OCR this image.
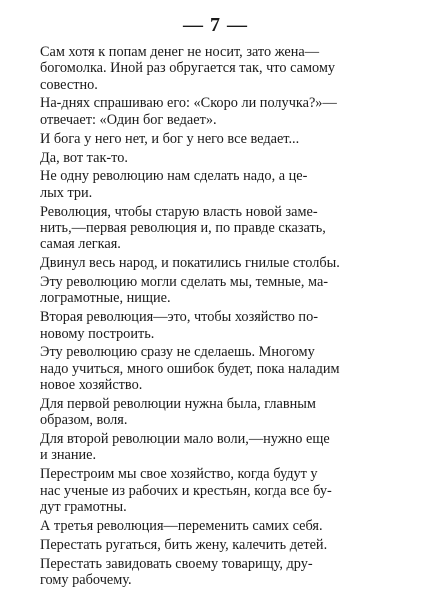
— 7 —
Сам хотя к попам денег не носит, зато жена—
богомолка. Иной раз обругается так, что самому
совестно.
На-днях спрашиваю его: «Скоро ли получка?»—
отвечает: «Один бог ведает».
И бога у него нет, и бог у него все ведает...
Да, вот так-то.
Не одну революцию нам сделать надо, а це-
лых три.
Революция, чтобы старую власть новой заме-
нить,—первая революция и, по правде сказать,
самая легкая.
Двинул весь народ, и покатились гнилые столбы.
Эту революцию могли сделать мы, темные, ма-
лограмотные, нищие.
Вторая революция—это, чтобы хозяйство по-
новому построить.
Эту революцию сразу не сделаешь. Многому
надо учиться, много ошибок будет, пока наладим
новое хозяйство.
Для первой революции нужна была, главным
образом, воля.
Для второй революции мало воли,—нужно еще
и знание.
Перестроим мы свое хозяйство, когда будут у
нас ученые из рабочих и крестьян, когда все бу-
дут грамотны.
А третья революция—переменить самих себя.
Перестать ругаться, бить жену, калечить детей.
Перестать завидовать своему товарищу, дру-
гому рабочему.
